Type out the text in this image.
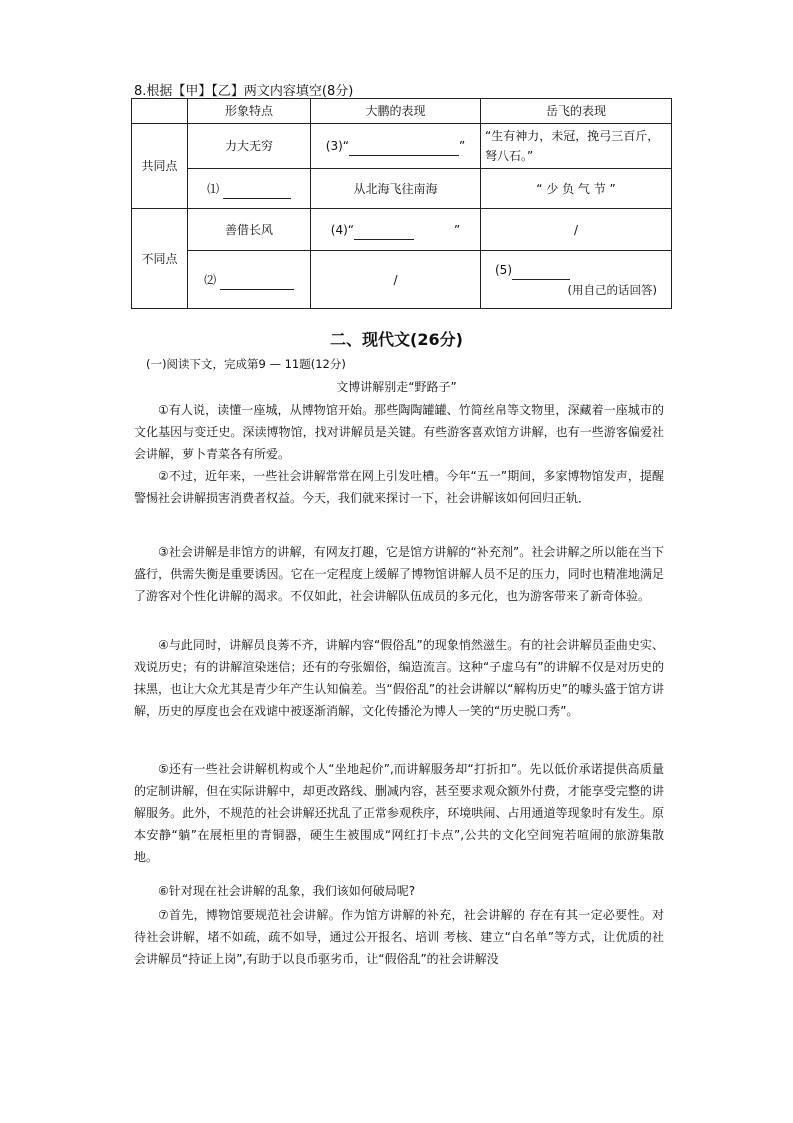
8.根据【甲】【乙】两文内容填空(8分)
	形象特点	大鹏的表现	岳飞的表现
共同点	力大无穷	(3)“ ”	“生有神力，未冠，挽弓三百斤，弩八石。”
	⑴	从北海飞往南海	“ 少 负 气 节 ”
不同点	善借长风	(4)“ ”	/
	⑵	/	(5)
(用自己的话回答)
二、现代文(26分)
(一)阅读下文，完成第9 — 11题(12分)
文博讲解别走“野路子”

①有人说，读懂一座城，从博物馆开始。那些陶陶罐罐、竹简丝帛等文物里，深藏着一座城市的文化基因与变迁史。深读博物馆，找对讲解员是关键。有些游客喜欢馆方讲解，也有一些游客偏爱社会讲解，萝卜青菜各有所爱。

②不过，近年来，一些社会讲解常常在网上引发吐槽。今年“五一”期间，多家博物馆发声，提醒警惕社会讲解损害消费者权益。今天，我们就来探讨一下，社会讲解该如何回归正轨．

③社会讲解是非馆方的讲解，有网友打趣，它是馆方讲解的“补充剂”。社会讲解之所以能在当下盛行，供需失衡是重要诱因。它在一定程度上缓解了博物馆讲解人员不足的压力，同时也精准地满足了游客对个性化讲解的渴求。不仅如此，社会讲解队伍成员的多元化，也为游客带来了新奇体验。

④与此同时，讲解员良莠不齐，讲解内容“假俗乱”的现象悄然滋生。有的社会讲解员歪曲史实、戏说历史；有的讲解渲染迷信；还有的夸张媚俗，编造流言。这种“子虚乌有”的讲解不仅是对历史的抹黑，也让大众尤其是青少年产生认知偏差。当“假俗乱”的社会讲解以“解构历史”的噱头盛于馆方讲解，历史的厚度也会在戏谑中被逐渐消解，文化传播沦为博人一笑的“历史脱口秀”。

⑤还有一些社会讲解机构或个人“坐地起价”,而讲解服务却“打折扣”。先以低价承诺提供高质量的定制讲解，但在实际讲解中，却更改路线、删减内容，甚至要求观众额外付费，才能享受完整的讲解服务。此外，不规范的社会讲解还扰乱了正常参观秩序，环境哄闹、占用通道等现象时有发生。原本安静“躺”在展柜里的青铜器，硬生生被围成“网红打卡点”,公共的文化空间宛若喧闹的旅游集散地。

⑥针对现在社会讲解的乱象，我们该如何破局呢?

⑦首先，博物馆要规范社会讲解。作为馆方讲解的补充，社会讲解的 存在有其一定必要性。对待社会讲解，堵不如疏，疏不如导，通过公开报名、培训 考核、建立“白名单”等方式，让优质的社会讲解员“持证上岗”,有助于以良币驱劣币，让“假俗乱”的社会讲解没
